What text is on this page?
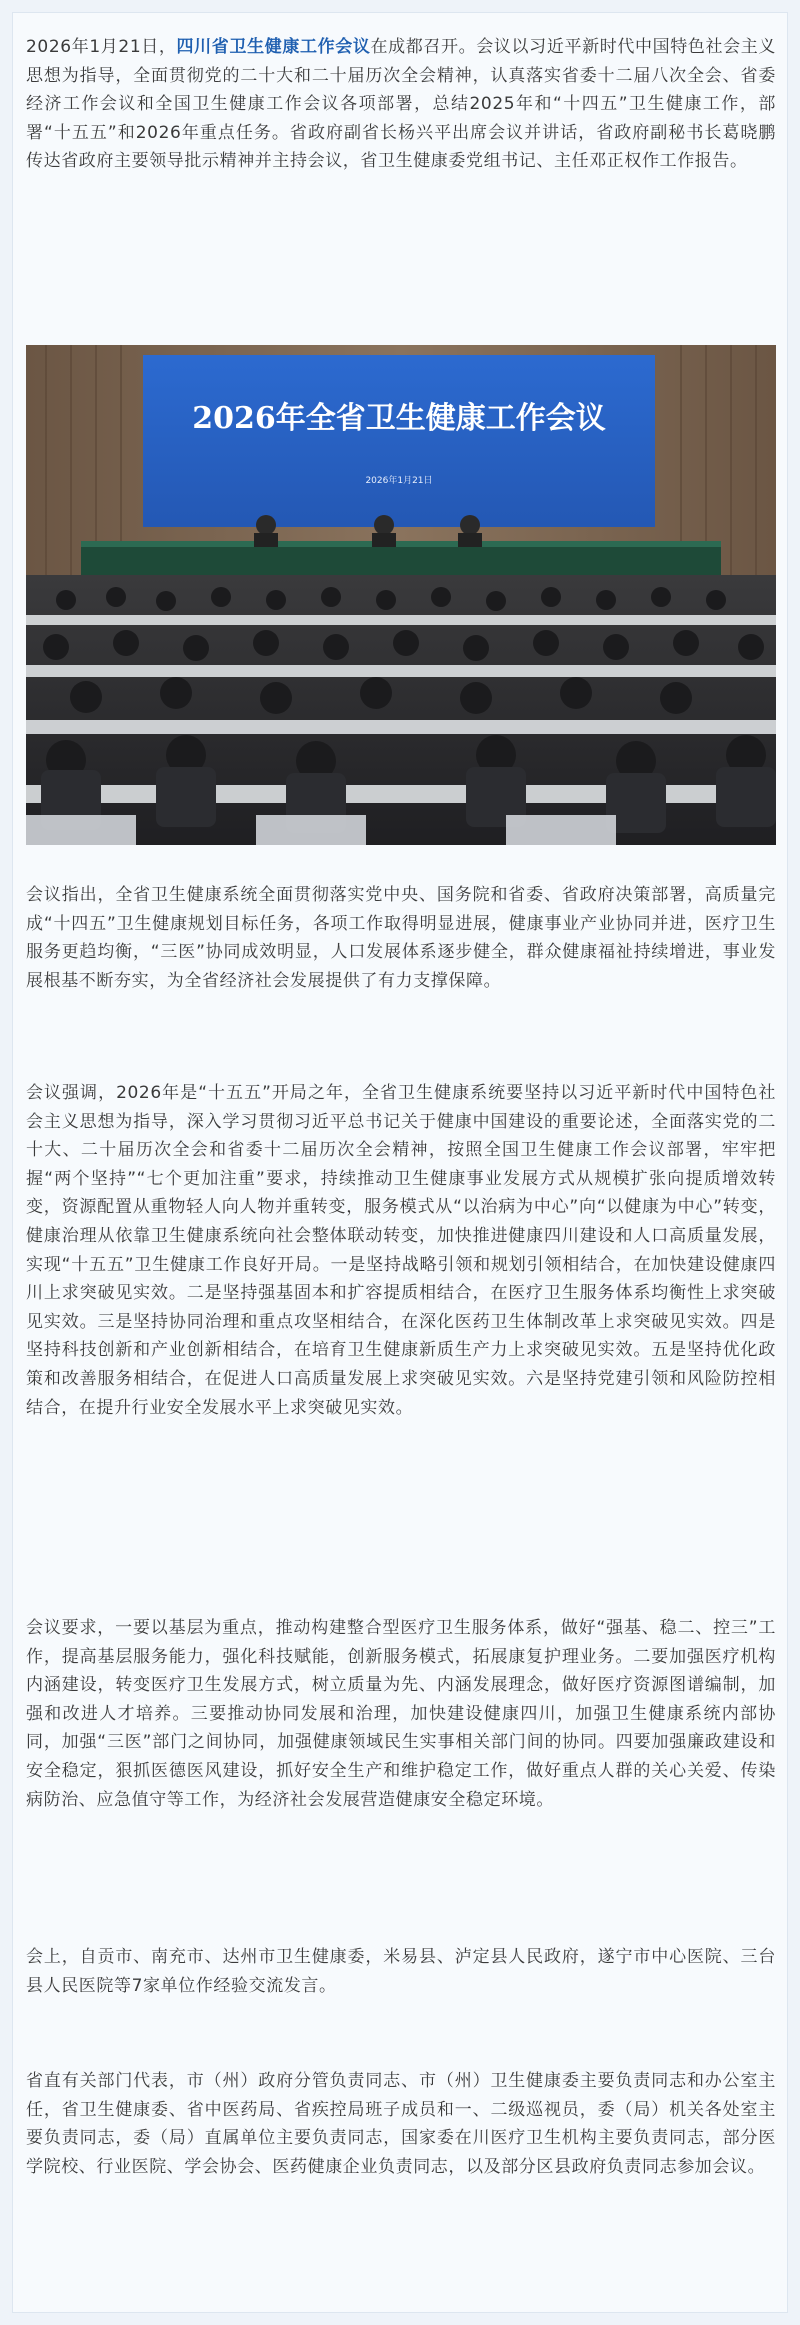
2026年1月21日，四川省卫生健康工作会议在成都召开。会议以习近平新时代中国特色社会主义思想为指导，全面贯彻党的二十大和二十届历次全会精神，认真落实省委十二届八次全会、省委经济工作会议和全国卫生健康工作会议各项部署，总结2025年和“十四五”卫生健康工作，部署“十五五”和2026年重点任务。省政府副省长杨兴平出席会议并讲话，省政府副秘书长葛晓鹏传达省政府主要领导批示精神并主持会议，省卫生健康委党组书记、主任邓正权作工作报告。

2026年全省卫生健康工作会议
2026年1月21日

会议指出，全省卫生健康系统全面贯彻落实党中央、国务院和省委、省政府决策部署，高质量完成“十四五”卫生健康规划目标任务，各项工作取得明显进展，健康事业产业协同并进，医疗卫生服务更趋均衡，“三医”协同成效明显，人口发展体系逐步健全，群众健康福祉持续增进，事业发展根基不断夯实，为全省经济社会发展提供了有力支撑保障。

会议强调，2026年是“十五五”开局之年，全省卫生健康系统要坚持以习近平新时代中国特色社会主义思想为指导，深入学习贯彻习近平总书记关于健康中国建设的重要论述，全面落实党的二十大、二十届历次全会和省委十二届历次全会精神，按照全国卫生健康工作会议部署，牢牢把握“两个坚持”“七个更加注重”要求，持续推动卫生健康事业发展方式从规模扩张向提质增效转变，资源配置从重物轻人向人物并重转变，服务模式从“以治病为中心”向“以健康为中心”转变，健康治理从依靠卫生健康系统向社会整体联动转变，加快推进健康四川建设和人口高质量发展，实现“十五五”卫生健康工作良好开局。一是坚持战略引领和规划引领相结合，在加快建设健康四川上求突破见实效。二是坚持强基固本和扩容提质相结合，在医疗卫生服务体系均衡性上求突破见实效。三是坚持协同治理和重点攻坚相结合，在深化医药卫生体制改革上求突破见实效。四是坚持科技创新和产业创新相结合，在培育卫生健康新质生产力上求突破见实效。五是坚持优化政策和改善服务相结合，在促进人口高质量发展上求突破见实效。六是坚持党建引领和风险防控相结合，在提升行业安全发展水平上求突破见实效。

会议要求，一要以基层为重点，推动构建整合型医疗卫生服务体系，做好“强基、稳二、控三”工作，提高基层服务能力，强化科技赋能，创新服务模式，拓展康复护理业务。二要加强医疗机构内涵建设，转变医疗卫生发展方式，树立质量为先、内涵发展理念，做好医疗资源图谱编制，加强和改进人才培养。三要推动协同发展和治理，加快建设健康四川，加强卫生健康系统内部协同，加强“三医”部门之间协同，加强健康领域民生实事相关部门间的协同。四要加强廉政建设和安全稳定，狠抓医德医风建设，抓好安全生产和维护稳定工作，做好重点人群的关心关爱、传染病防治、应急值守等工作，为经济社会发展营造健康安全稳定环境。

会上，自贡市、南充市、达州市卫生健康委，米易县、泸定县人民政府，遂宁市中心医院、三台县人民医院等7家单位作经验交流发言。

省直有关部门代表，市（州）政府分管负责同志、市（州）卫生健康委主要负责同志和办公室主任，省卫生健康委、省中医药局、省疾控局班子成员和一、二级巡视员，委（局）机关各处室主要负责同志，委（局）直属单位主要负责同志，国家委在川医疗卫生机构主要负责同志，部分医学院校、行业医院、学会协会、医药健康企业负责同志，以及部分区县政府负责同志参加会议。
